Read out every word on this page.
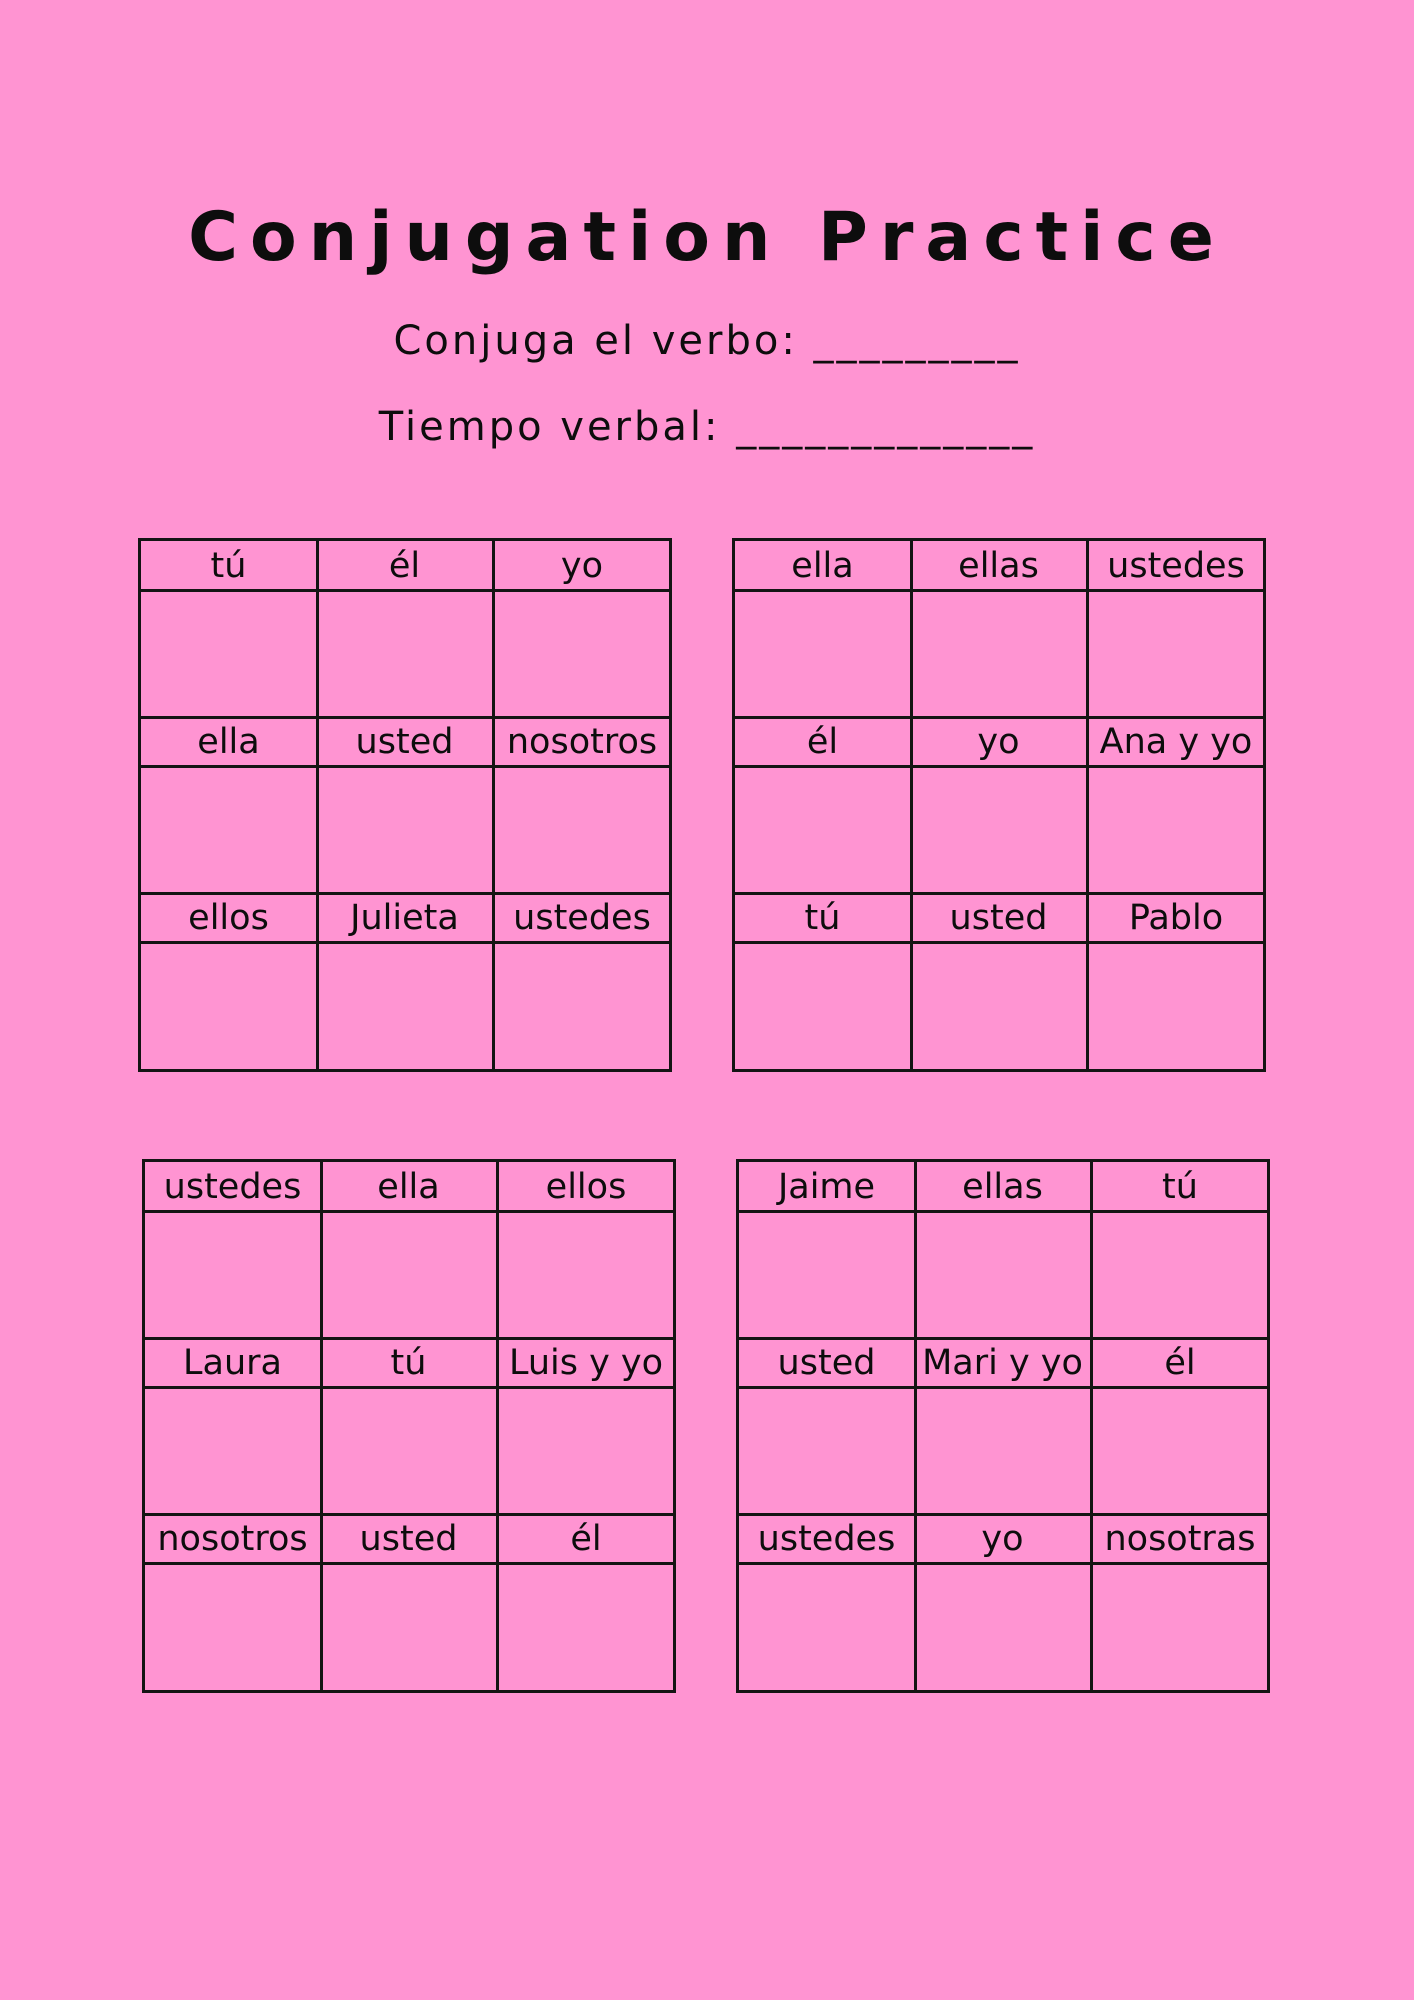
Conjugation Practice
Conjuga el verbo: _________
Tiempo verbal: _____________
tú	él	yo
ella	usted	nosotros
ellos	Julieta	ustedes
ella	ellas	ustedes
él	yo	Ana y yo
tú	usted	Pablo
ustedes	ella	ellos
Laura	tú	Luis y yo
nosotros	usted	él
Jaime	ellas	tú
usted	Mari y yo	él
ustedes	yo	nosotras
